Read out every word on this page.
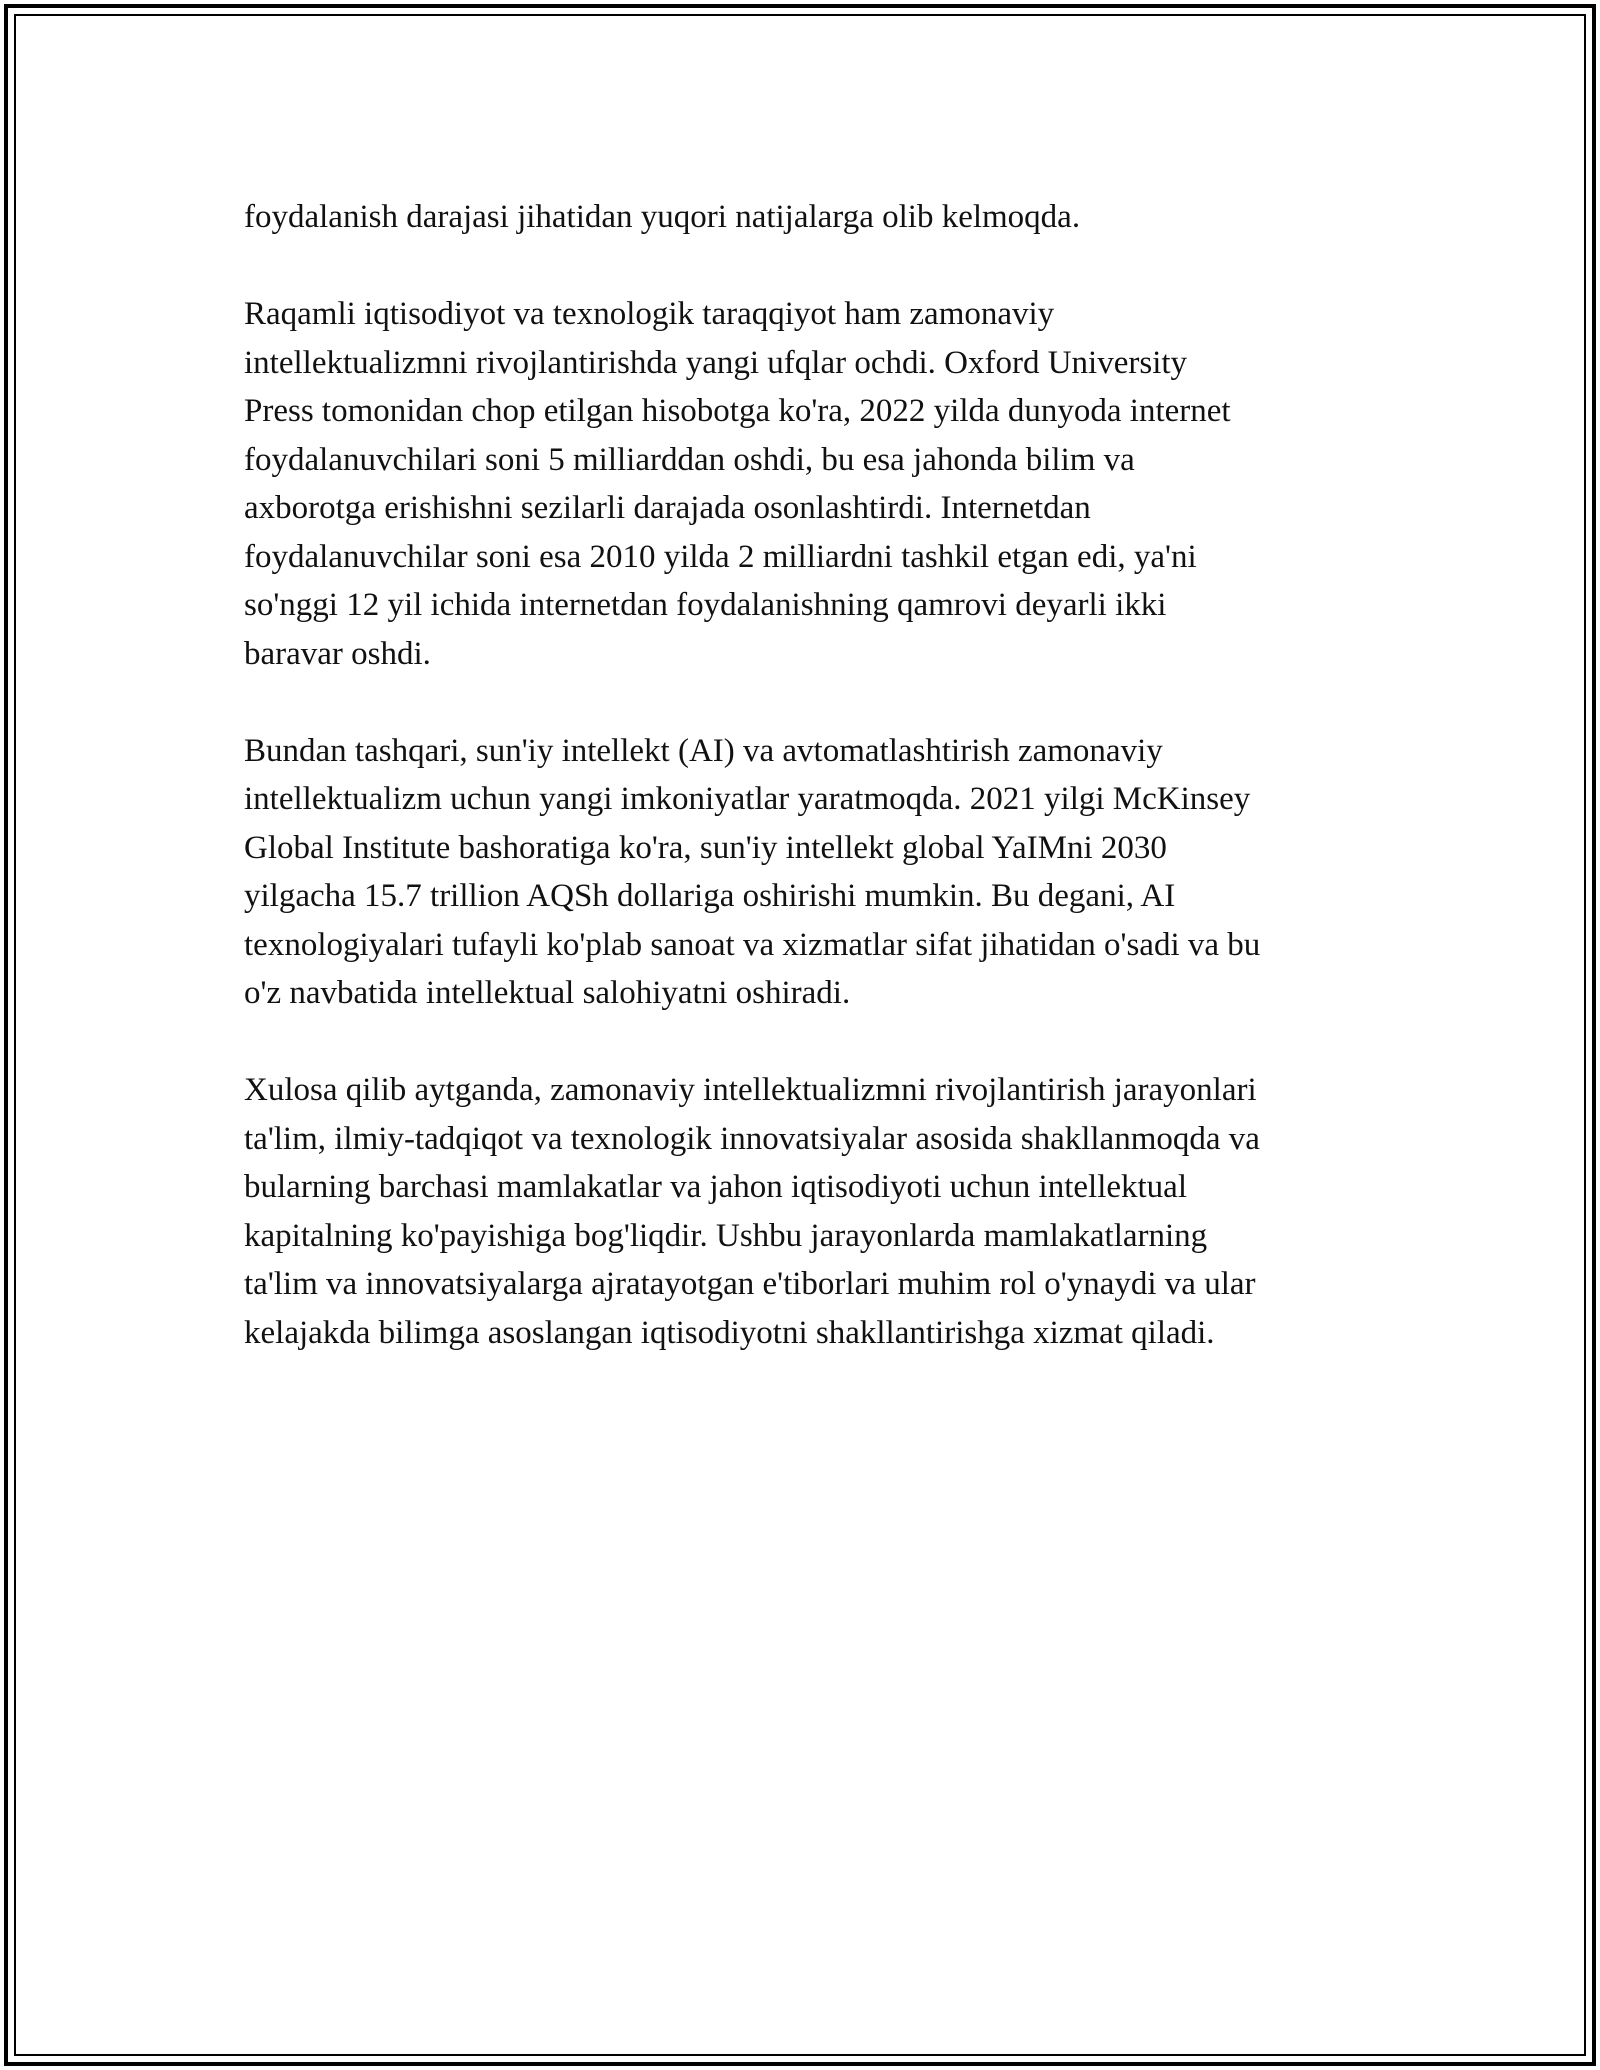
foydalanish darajasi jihatidan yuqori natijalarga olib kelmoqda.

Raqamli iqtisodiyot va texnologik taraqqiyot ham zamonaviy
intellektualizmni rivojlantirishda yangi ufqlar ochdi. Oxford University
Press tomonidan chop etilgan hisobotga ko'ra, 2022 yilda dunyoda internet
foydalanuvchilari soni 5 milliarddan oshdi, bu esa jahonda bilim va
axborotga erishishni sezilarli darajada osonlashtirdi. Internetdan
foydalanuvchilar soni esa 2010 yilda 2 milliardni tashkil etgan edi, ya'ni
so'nggi 12 yil ichida internetdan foydalanishning qamrovi deyarli ikki
baravar oshdi.

Bundan tashqari, sun'iy intellekt (AI) va avtomatlashtirish zamonaviy
intellektualizm uchun yangi imkoniyatlar yaratmoqda. 2021 yilgi McKinsey
Global Institute bashoratiga ko'ra, sun'iy intellekt global YaIMni 2030
yilgacha 15.7 trillion AQSh dollariga oshirishi mumkin. Bu degani, AI
texnologiyalari tufayli ko'plab sanoat va xizmatlar sifat jihatidan o'sadi va bu
o'z navbatida intellektual salohiyatni oshiradi.

Xulosa qilib aytganda, zamonaviy intellektualizmni rivojlantirish jarayonlari
ta'lim, ilmiy-tadqiqot va texnologik innovatsiyalar asosida shakllanmoqda va
bularning barchasi mamlakatlar va jahon iqtisodiyoti uchun intellektual
kapitalning ko'payishiga bog'liqdir. Ushbu jarayonlarda mamlakatlarning
ta'lim va innovatsiyalarga ajratayotgan e'tiborlari muhim rol o'ynaydi va ular
kelajakda bilimga asoslangan iqtisodiyotni shakllantirishga xizmat qiladi.
